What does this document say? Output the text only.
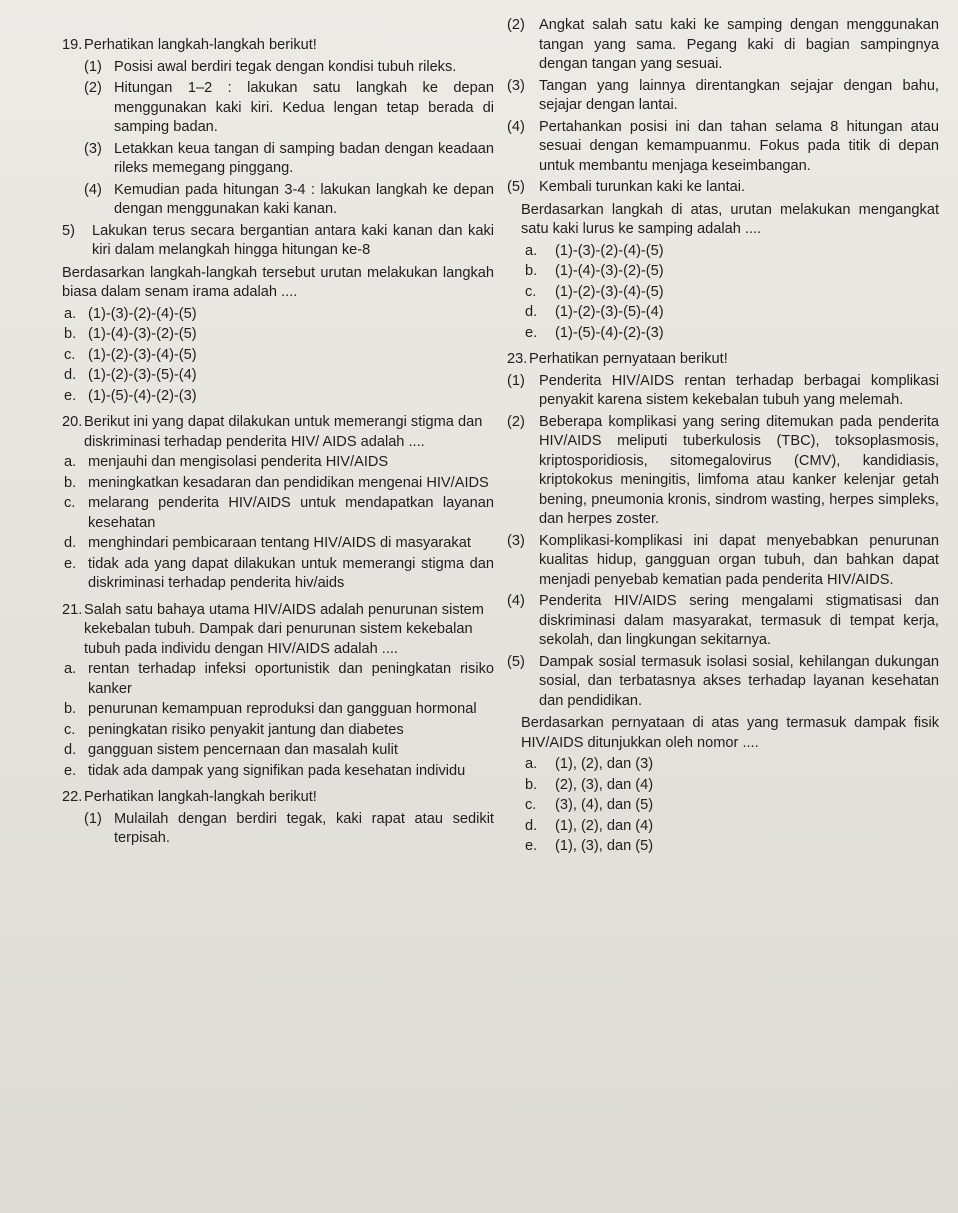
19. Perhatikan langkah-langkah berikut!
(1) Posisi awal berdiri tegak dengan kondisi tubuh rileks.
(2) Hitungan 1–2 : lakukan satu langkah ke depan menggunakan kaki kiri. Kedua lengan tetap berada di samping badan.
(3) Letakkan keua tangan di samping badan dengan keadaan rileks memegang pinggang.
(4) Kemudian pada hitungan 3-4 : lakukan langkah ke depan dengan menggunakan kaki kanan.
5)	Lakukan terus secara bergantian antara kaki kanan dan kaki kiri dalam melangkah hingga hitungan ke-8
Berdasarkan langkah-langkah tersebut urutan melakukan langkah biasa dalam senam irama adalah ....
a. (1)-(3)-(2)-(4)-(5)
b. (1)-(4)-(3)-(2)-(5)
c. (1)-(2)-(3)-(4)-(5)
d. (1)-(2)-(3)-(5)-(4)
e. (1)-(5)-(4)-(2)-(3)
20. Berikut ini yang dapat dilakukan untuk memerangi stigma dan diskriminasi terhadap penderita HIV/ AIDS adalah ....
a. menjauhi dan mengisolasi penderita HIV/AIDS
b. meningkatkan kesadaran dan pendidikan mengenai HIV/AIDS
c. melarang penderita HIV/AIDS untuk mendapatkan layanan kesehatan
d. menghindari pembicaraan tentang HIV/AIDS di masyarakat
e. tidak ada yang dapat dilakukan untuk memerangi stigma dan diskriminasi terhadap penderita hiv/aids
21. Salah satu bahaya utama HIV/AIDS adalah penurunan sistem kekebalan tubuh. Dampak dari penurunan sistem kekebalan tubuh pada individu dengan HIV/AIDS adalah ....
a. rentan terhadap infeksi oportunistik dan peningkatan risiko kanker
b. penurunan kemampuan reproduksi dan gangguan hormonal
c. peningkatan risiko penyakit jantung dan diabetes
d. gangguan sistem pencernaan dan masalah kulit
e. tidak ada dampak yang signifikan pada kesehatan individu
22. Perhatikan langkah-langkah berikut!
(1) Mulailah dengan berdiri tegak, kaki rapat atau sedikit terpisah.
(2) Angkat salah satu kaki ke samping dengan menggunakan tangan yang sama. Pegang kaki di bagian sampingnya dengan tangan yang sesuai.
(3) Tangan yang lainnya direntangkan sejajar dengan bahu, sejajar dengan lantai.
(4) Pertahankan posisi ini dan tahan selama 8 hitungan atau sesuai dengan kemampuanmu. Fokus pada titik di depan untuk membantu menjaga keseimbangan.
(5) Kembali turunkan kaki ke lantai.
Berdasarkan langkah di atas, urutan melakukan mengangkat satu kaki lurus ke samping adalah ....
a.	(1)-(3)-(2)-(4)-(5)
b.	(1)-(4)-(3)-(2)-(5)
c.	(1)-(2)-(3)-(4)-(5)
d.	(1)-(2)-(3)-(5)-(4)
e.	(1)-(5)-(4)-(2)-(3)
23. Perhatikan pernyataan berikut!
(1) Penderita HIV/AIDS rentan terhadap berbagai komplikasi penyakit karena sistem kekebalan tubuh yang melemah.
(2) Beberapa komplikasi yang sering ditemukan pada penderita HIV/AIDS meliputi tuberkulosis (TBC), toksoplasmosis, kriptosporidiosis, sitomegalovirus (CMV), kandidiasis, kriptokokus meningitis, limfoma atau kanker kelenjar getah bening, pneumonia kronis, sindrom wasting, herpes simpleks, dan herpes zoster.
(3) Komplikasi-komplikasi ini dapat menyebabkan penurunan kualitas hidup, gangguan organ tubuh, dan bahkan dapat menjadi penyebab kematian pada penderita HIV/AIDS.
(4) Penderita HIV/AIDS sering mengalami stigmatisasi dan diskriminasi dalam masyarakat, termasuk di tempat kerja, sekolah, dan lingkungan sekitarnya.
(5) Dampak sosial termasuk isolasi sosial, kehilangan dukungan sosial, dan terbatasnya akses terhadap layanan kesehatan dan pendidikan.
Berdasarkan pernyataan di atas yang termasuk dampak fisik HIV/AIDS ditunjukkan oleh nomor ....
a.	(1), (2), dan (3)
b.	(2), (3), dan (4)
c.	(3), (4), dan (5)
d.	(1), (2), dan (4)
e.	(1), (3), dan (5)
